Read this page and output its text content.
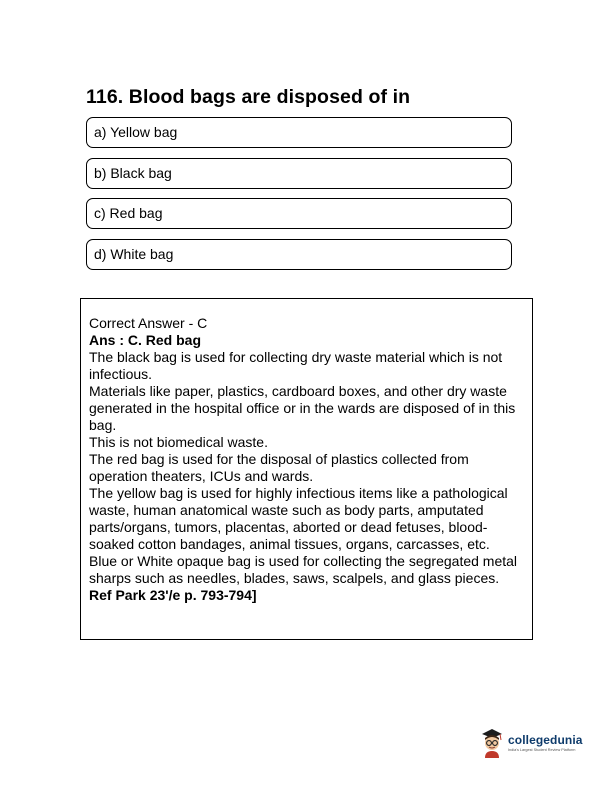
116. Blood bags are disposed of in
a) Yellow bag
b) Black bag
c) Red bag
d) White bag

Correct Answer - C

Ans : C. Red bag

The black bag is used for collecting dry waste material which is not infectious.

Materials like paper, plastics, cardboard boxes, and other dry waste generated in the hospital office or in the wards are disposed of in this bag.

This is not biomedical waste.

The red bag is used for the disposal of plastics collected from operation theaters, ICUs and wards.

The yellow bag is used for highly infectious items like a pathological waste, human anatomical waste such as body parts, amputated parts/organs, tumors, placentas, aborted or dead fetuses, blood-soaked cotton bandages, animal tissues, organs, carcasses, etc.

Blue or White opaque bag is used for collecting the segregated metal sharps such as needles, blades, saws, scalpels, and glass pieces.

Ref Park 23'/e p. 793-794]

collegedunia
India's Largest Student Review Platform
